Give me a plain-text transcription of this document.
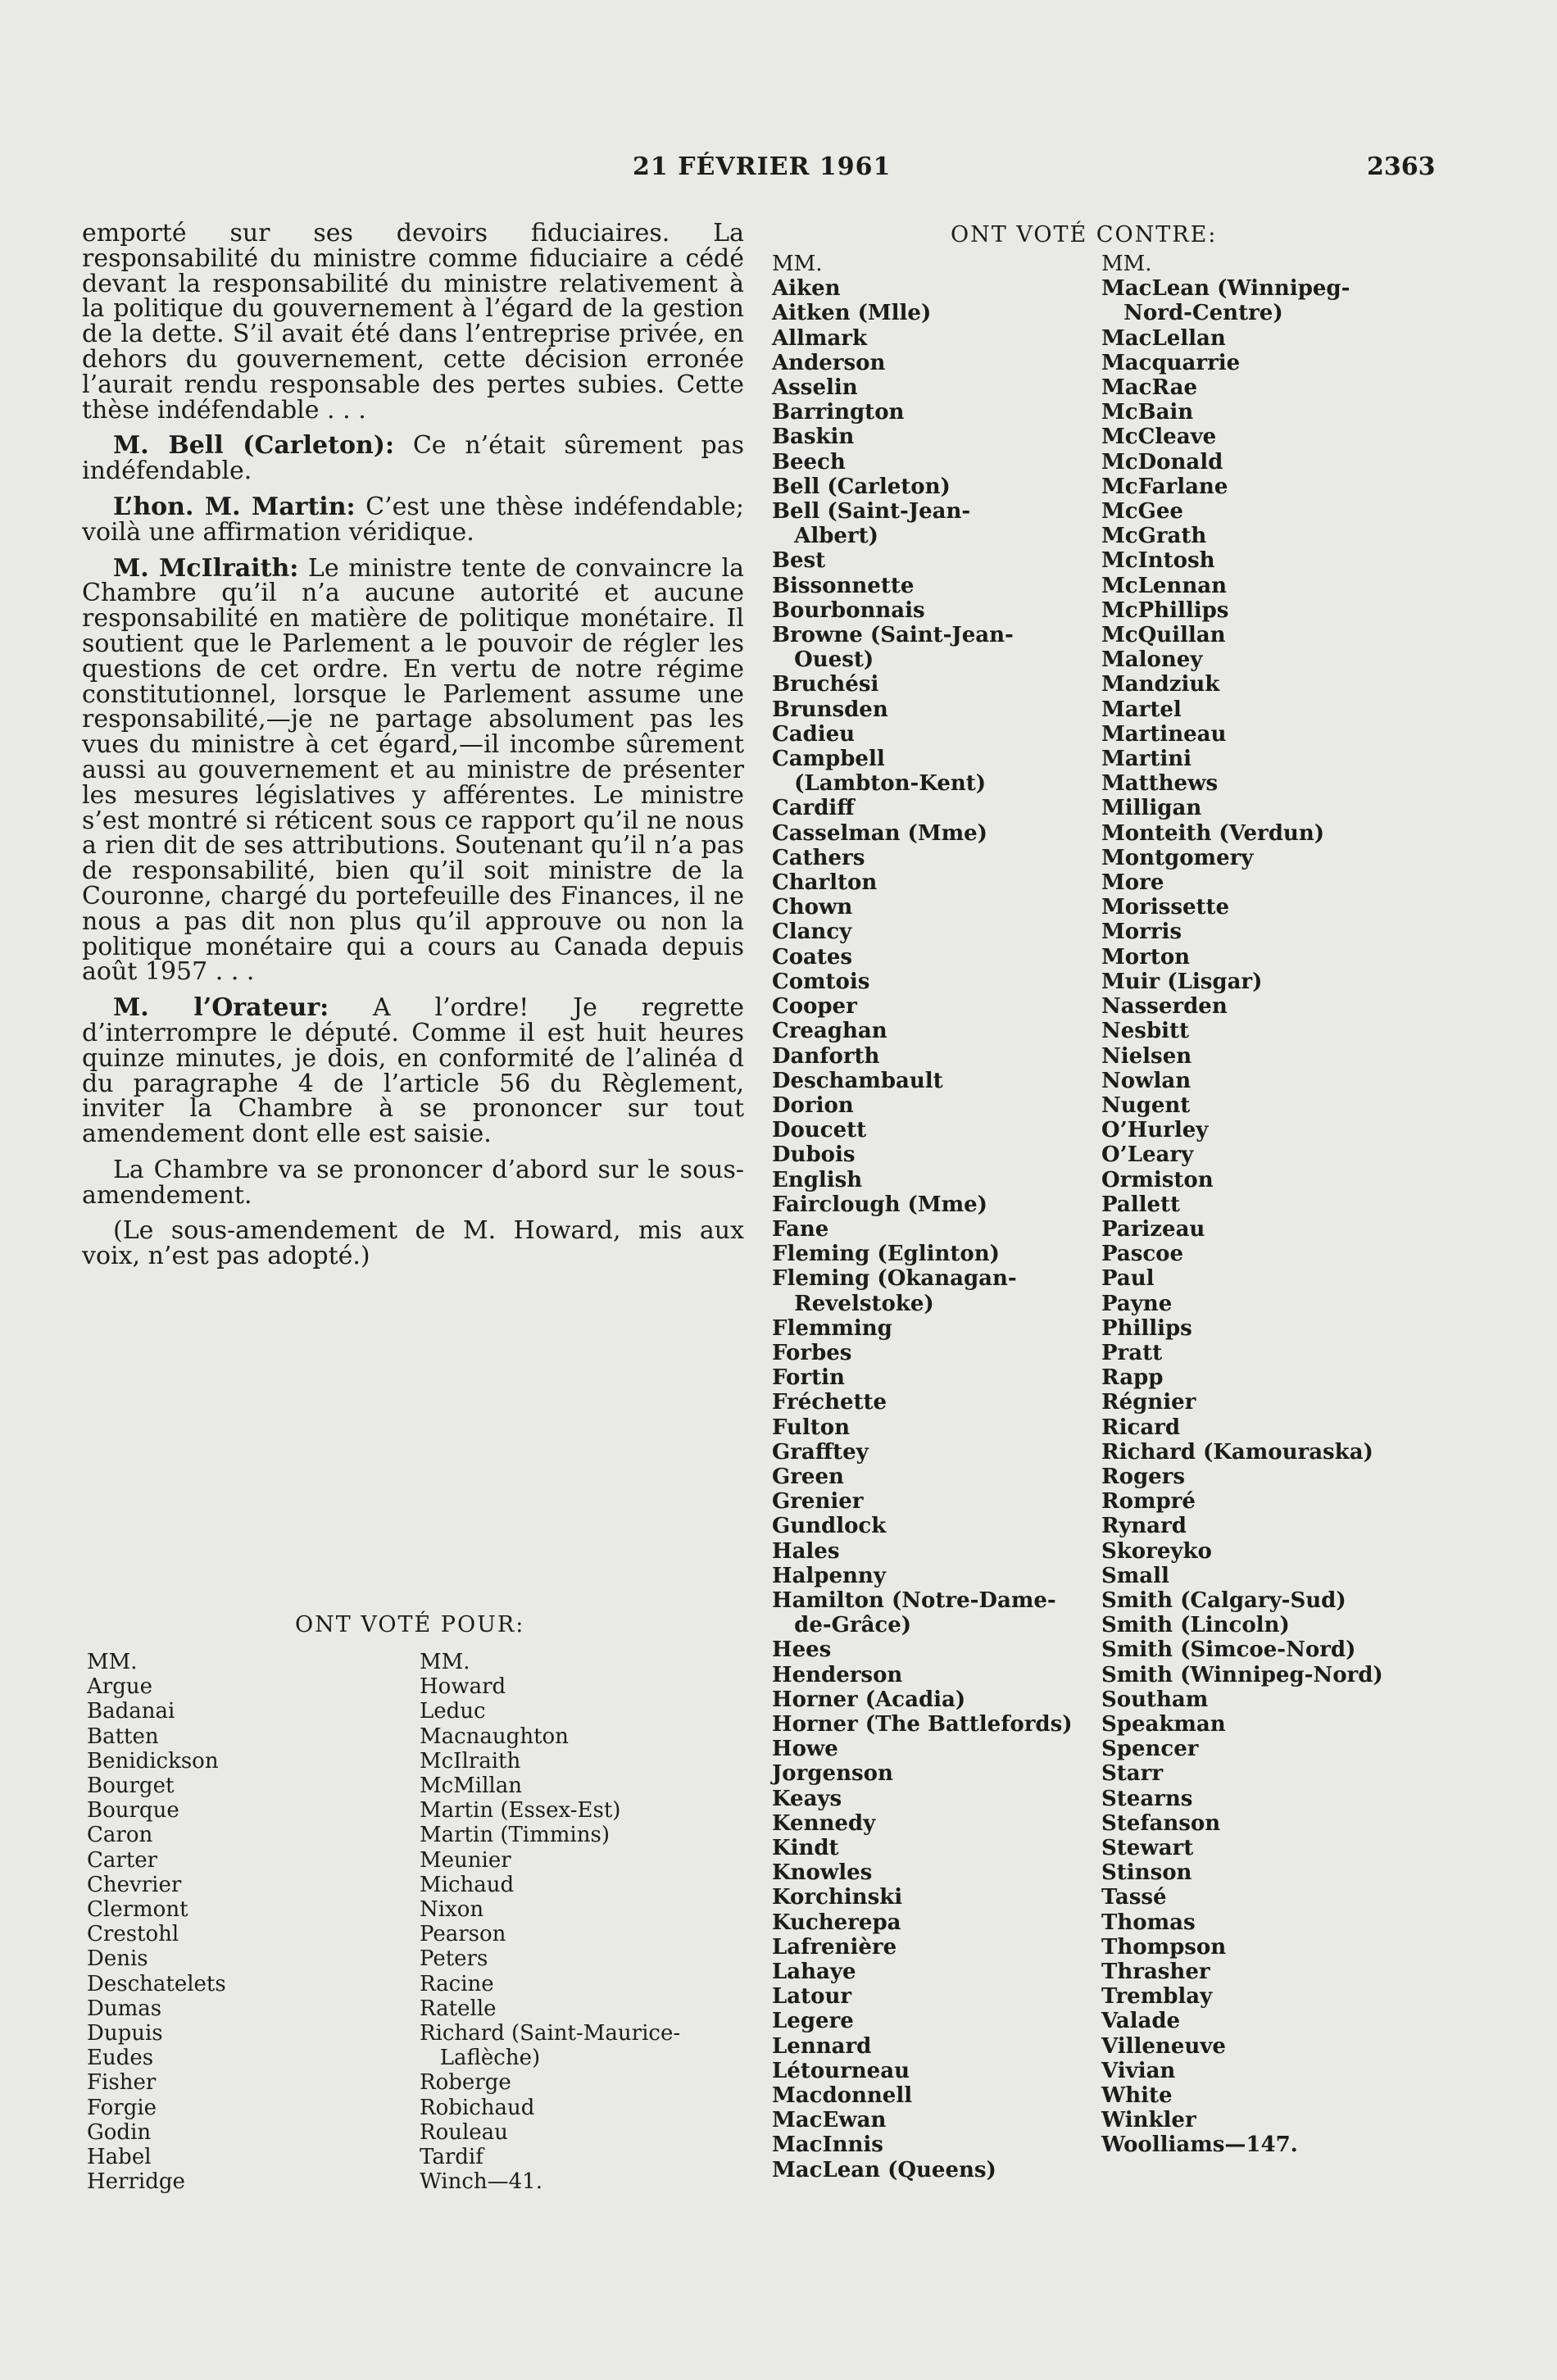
21 FÉVRIER 1961	2363

emporté sur ses devoirs fiduciaires. La responsabilité du ministre comme fiduciaire a cédé devant la responsabilité du ministre relativement à la politique du gouvernement à l’égard de la gestion de la dette. S’il avait été dans l’entreprise privée, en dehors du gouvernement, cette décision erronée l’aurait rendu responsable des pertes subies. Cette thèse indéfendable . . .

M. Bell (Carleton): Ce n’était sûrement pas indéfendable.

L’hon. M. Martin: C’est une thèse indéfendable; voilà une affirmation véridique.

M. McIlraith: Le ministre tente de convaincre la Chambre qu’il n’a aucune autorité et aucune responsabilité en matière de politique monétaire. Il soutient que le Parlement a le pouvoir de régler les questions de cet ordre. En vertu de notre régime constitutionnel, lorsque le Parlement assume une responsabilité,—je ne partage absolument pas les vues du ministre à cet égard,—il incombe sûrement aussi au gouvernement et au ministre de présenter les mesures législatives y afférentes. Le ministre s’est montré si réticent sous ce rapport qu’il ne nous a rien dit de ses attributions. Soutenant qu’il n’a pas de responsabilité, bien qu’il soit ministre de la Couronne, chargé du portefeuille des Finances, il ne nous a pas dit non plus qu’il approuve ou non la politique monétaire qui a cours au Canada depuis août 1957 . . .

M. l’Orateur: A l’ordre! Je regrette d’interrompre le député. Comme il est huit heures quinze minutes, je dois, en conformité de l’alinéa d du paragraphe 4 de l’article 56 du Règlement, inviter la Chambre à se prononcer sur tout amendement dont elle est saisie.

La Chambre va se prononcer d’abord sur le sous-amendement.

(Le sous-amendement de M. Howard, mis aux voix, n’est pas adopté.)

ONT VOTÉ POUR:
MM.
Argue
Badanai
Batten
Benidickson
Bourget
Bourque
Caron
Carter
Chevrier
Clermont
Crestohl
Denis
Deschatelets
Dumas
Dupuis
Eudes
Fisher
Forgie
Godin
Habel
Herridge
MM.
Howard
Leduc
Macnaughton
McIlraith
McMillan
Martin (Essex-Est)
Martin (Timmins)
Meunier
Michaud
Nixon
Pearson
Peters
Racine
Ratelle
Richard (Saint-Maurice-
Laflèche)
Roberge
Robichaud
Rouleau
Tardif
Winch—41.
ONT VOTÉ CONTRE:
MM.
Aiken
Aitken (Mlle)
Allmark
Anderson
Asselin
Barrington
Baskin
Beech
Bell (Carleton)
Bell (Saint-Jean-
Albert)
Best
Bissonnette
Bourbonnais
Browne (Saint-Jean-
Ouest)
Bruchési
Brunsden
Cadieu
Campbell
(Lambton-Kent)
Cardiff
Casselman (Mme)
Cathers
Charlton
Chown
Clancy
Coates
Comtois
Cooper
Creaghan
Danforth
Deschambault
Dorion
Doucett
Dubois
English
Fairclough (Mme)
Fane
Fleming (Eglinton)
Fleming (Okanagan-
Revelstoke)
Flemming
Forbes
Fortin
Fréchette
Fulton
Grafftey
Green
Grenier
Gundlock
Hales
Halpenny
Hamilton (Notre-Dame-
de-Grâce)
Hees
Henderson
Horner (Acadia)
Horner (The Battlefords)
Howe
Jorgenson
Keays
Kennedy
Kindt
Knowles
Korchinski
Kucherepa
Lafrenière
Lahaye
Latour
Legere
Lennard
Létourneau
Macdonnell
MacEwan
MacInnis
MacLean (Queens)
MM.
MacLean (Winnipeg-
Nord-Centre)
MacLellan
Macquarrie
MacRae
McBain
McCleave
McDonald
McFarlane
McGee
McGrath
McIntosh
McLennan
McPhillips
McQuillan
Maloney
Mandziuk
Martel
Martineau
Martini
Matthews
Milligan
Monteith (Verdun)
Montgomery
More
Morissette
Morris
Morton
Muir (Lisgar)
Nasserden
Nesbitt
Nielsen
Nowlan
Nugent
O’Hurley
O’Leary
Ormiston
Pallett
Parizeau
Pascoe
Paul
Payne
Phillips
Pratt
Rapp
Régnier
Ricard
Richard (Kamouraska)
Rogers
Rompré
Rynard
Skoreyko
Small
Smith (Calgary-Sud)
Smith (Lincoln)
Smith (Simcoe-Nord)
Smith (Winnipeg-Nord)
Southam
Speakman
Spencer
Starr
Stearns
Stefanson
Stewart
Stinson
Tassé
Thomas
Thompson
Thrasher
Tremblay
Valade
Villeneuve
Vivian
White
Winkler
Woolliams—147.
